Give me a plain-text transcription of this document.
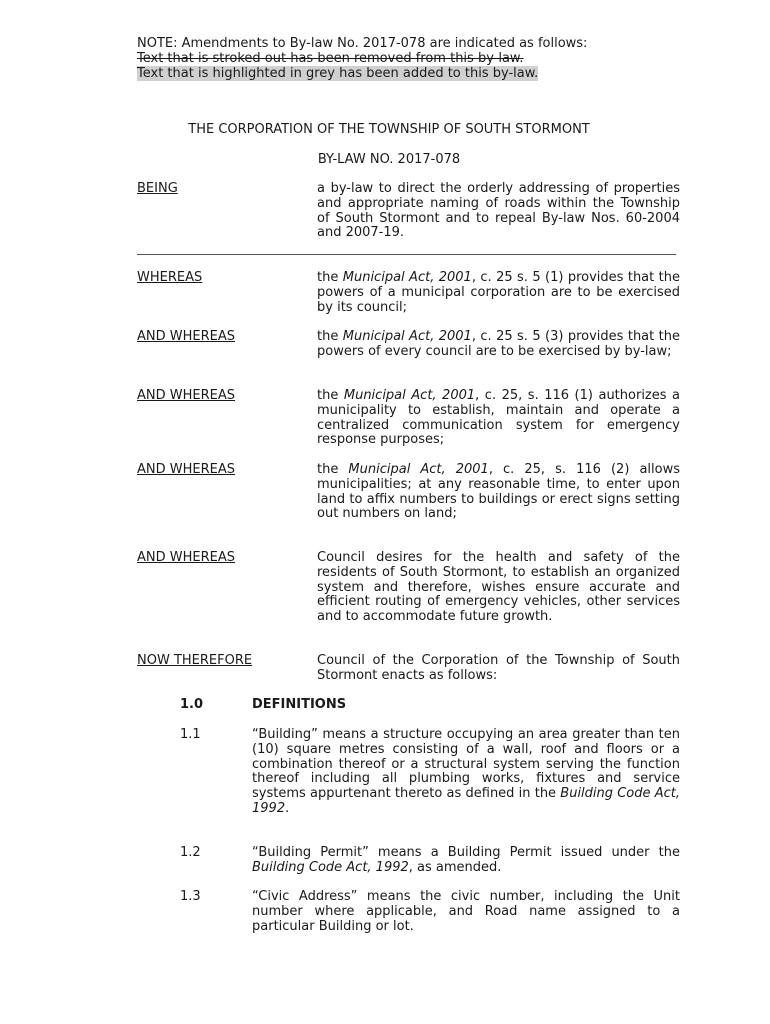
NOTE: Amendments to By-law No. 2017-078 are indicated as follows:
Text that is stroked out has been removed from this by-law.
Text that is highlighted in grey has been added to this by-law.
THE CORPORATION OF THE TOWNSHIP OF SOUTH STORMONT
BY-LAW NO. 2017-078
BEING	a by-law to direct the orderly addressing of properties and appropriate naming of roads within the Township of South Stormont and to repeal By-law Nos. 60-2004 and 2007-19.

WHEREAS	the Municipal Act, 2001, c. 25 s. 5 (1) provides that the powers of a municipal corporation are to be exercised by its council;

AND WHEREAS	the Municipal Act, 2001, c. 25 s. 5 (3) provides that the powers of every council are to be exercised by by-law;

AND WHEREAS	the Municipal Act, 2001, c. 25, s. 116 (1) authorizes a municipality to establish, maintain and operate a centralized communication system for emergency response purposes;

AND WHEREAS	the Municipal Act, 2001, c. 25, s. 116 (2) allows municipalities; at any reasonable time, to enter upon land to affix numbers to buildings or erect signs setting out numbers on land;

AND WHEREAS	Council desires for the health and safety of the residents of South Stormont, to establish an organized system and therefore, wishes ensure accurate and efficient routing of emergency vehicles, other services and to accommodate future growth.

NOW THEREFORE	Council of the Corporation of the Township of South Stormont enacts as follows:

1.0	DEFINITIONS
1.1	“Building” means a structure occupying an area greater than ten (10) square metres consisting of a wall, roof and floors or a combination thereof or a structural system serving the function thereof including all plumbing works, fixtures and service systems appurtenant thereto as defined in the Building Code Act, 1992.

1.2	“Building Permit” means a Building Permit issued under the Building Code Act, 1992, as amended.

1.3	“Civic Address” means the civic number, including the Unit number where applicable, and Road name assigned to a particular Building or lot.
